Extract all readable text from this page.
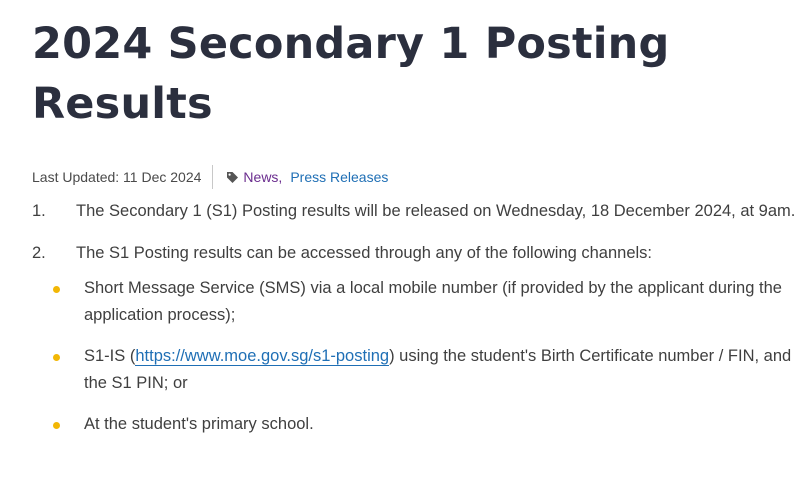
2024 Secondary 1 Posting Results
Last Updated: 11 Dec 2024	News, Press Releases

1. The Secondary 1 (S1) Posting results will be released on Wednesday, 18 December 2024, at 9am.

2. The S1 Posting results can be accessed through any of the following channels:

Short Message Service (SMS) via a local mobile number (if provided by the applicant during the application process);
S1-IS (https://www.moe.gov.sg/s1-posting) using the student's Birth Certificate number / FIN, and the S1 PIN; or
At the student's primary school.
